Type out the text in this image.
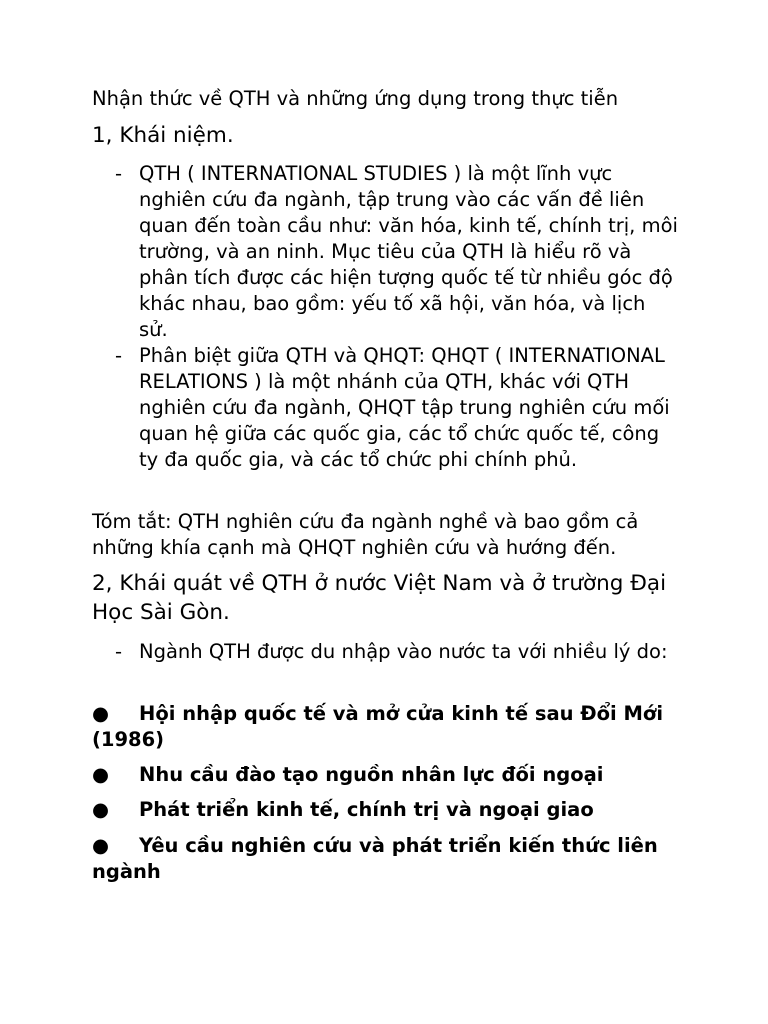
Nhận thức về QTH và những ứng dụng trong thực tiễn
1, Khái niệm.
- QTH ( INTERNATIONAL STUDIES ) là một lĩnh vực nghiên cứu đa ngành, tập trung vào các vấn đề liên quan đến toàn cầu như: văn hóa, kinh tế, chính trị, môi trường, và an ninh. Mục tiêu của QTH là hiểu rõ và phân tích được các hiện tượng quốc tế từ nhiều góc độ khác nhau, bao gồm: yếu tố xã hội, văn hóa, và lịch sử.
- Phân biệt giữa QTH và QHQT: QHQT ( INTERNATIONAL RELATIONS ) là một nhánh của QTH, khác với QTH nghiên cứu đa ngành, QHQT tập trung nghiên cứu mối quan hệ giữa các quốc gia, các tổ chức quốc tế, công ty đa quốc gia, và các tổ chức phi chính phủ.
Tóm tắt: QTH nghiên cứu đa ngành nghề và bao gồm cả những khía cạnh mà QHQT nghiên cứu và hướng đến.
2, Khái quát về QTH ở nước Việt Nam và ở trường Đại Học Sài Gòn.
- Ngành QTH được du nhập vào nước ta với nhiều lý do:
● Hội nhập quốc tế và mở cửa kinh tế sau Đổi Mới (1986)
● Nhu cầu đào tạo nguồn nhân lực đối ngoại
● Phát triển kinh tế, chính trị và ngoại giao
● Yêu cầu nghiên cứu và phát triển kiến thức liên ngành
